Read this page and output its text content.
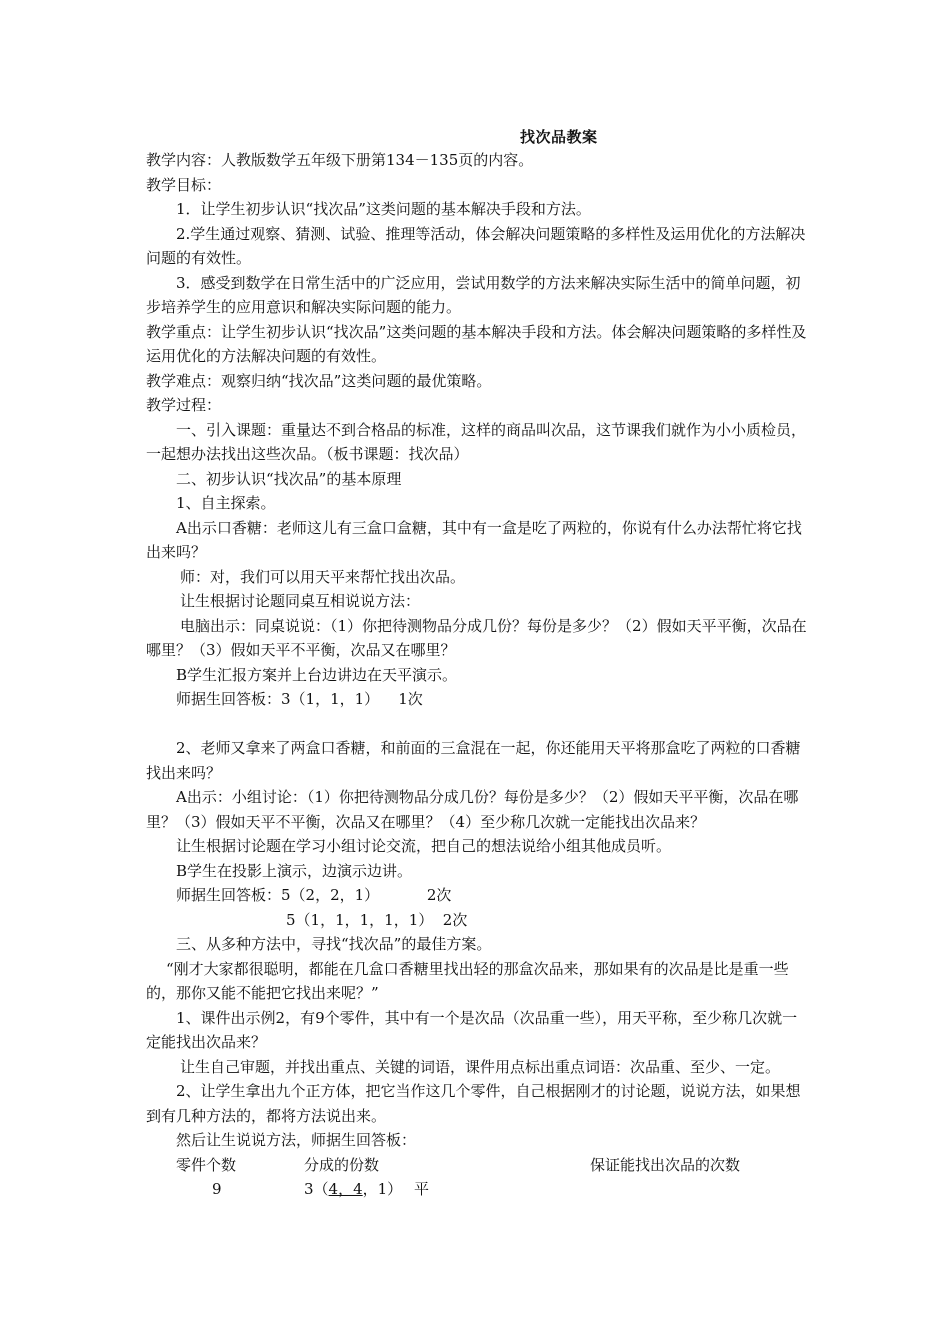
找次品教案

教学内容：人教版数学五年级下册第134－135页的内容。

教学目标：

1．让学生初步认识“找次品”这类问题的基本解决手段和方法。

2.学生通过观察、猜测、试验、推理等活动，体会解决问题策略的多样性及运用优化的方法解决问题的有效性。

3．感受到数学在日常生活中的广泛应用，尝试用数学的方法来解决实际生活中的简单问题，初步培养学生的应用意识和解决实际问题的能力。

教学重点：让学生初步认识“找次品”这类问题的基本解决手段和方法。体会解决问题策略的多样性及运用优化的方法解决问题的有效性。

教学难点：观察归纳“找次品”这类问题的最优策略。

教学过程：

一、引入课题：重量达不到合格品的标准，这样的商品叫次品，这节课我们就作为小小质检员，一起想办法找出这些次品。（板书课题：找次品）

二、初步认识“找次品”的基本原理

1、自主探索。

A出示口香糖：老师这儿有三盒口盒糖，其中有一盒是吃了两粒的，你说有什么办法帮忙将它找出来吗？

师：对，我们可以用天平来帮忙找出次品。

让生根据讨论题同桌互相说说方法：

电脑出示：同桌说说：（1）你把待测物品分成几份？每份是多少？（2）假如天平平衡，次品在哪里？（3）假如天平不平衡，次品又在哪里？

B学生汇报方案并上台边讲边在天平演示。

师据生回答板：3（1，1，1）    1次

2、老师又拿来了两盒口香糖，和前面的三盒混在一起，你还能用天平将那盒吃了两粒的口香糖找出来吗？

A出示：小组讨论：（1）你把待测物品分成几份？每份是多少？（2）假如天平平衡，次品在哪里？（3）假如天平不平衡，次品又在哪里？（4）至少称几次就一定能找出次品来？

让生根据讨论题在学习小组讨论交流，把自己的想法说给小组其他成员听。

B学生在投影上演示，边演示边讲。

师据生回答板：5（2，2，1）          2次

5（1，1，1，1，1）  2次

三、从多种方法中，寻找“找次品”的最佳方案。

“刚才大家都很聪明，都能在几盒口香糖里找出轻的那盒次品来，那如果有的次品是比是重一些的，那你又能不能把它找出来呢？”

1、课件出示例2，有9个零件，其中有一个是次品（次品重一些），用天平称，至少称几次就一定能找出次品来？

让生自己审题，并找出重点、关键的词语，课件用点标出重点词语：次品重、至少、一定。

2、让学生拿出九个正方体，把它当作这几个零件，自己根据刚才的讨论题，说说方法，如果想到有几种方法的，都将方法说出来。

然后让生说说方法，师据生回答板：

零件个数	分成的份数	保证能找出次品的次数
9	3（4，4，1） 平
